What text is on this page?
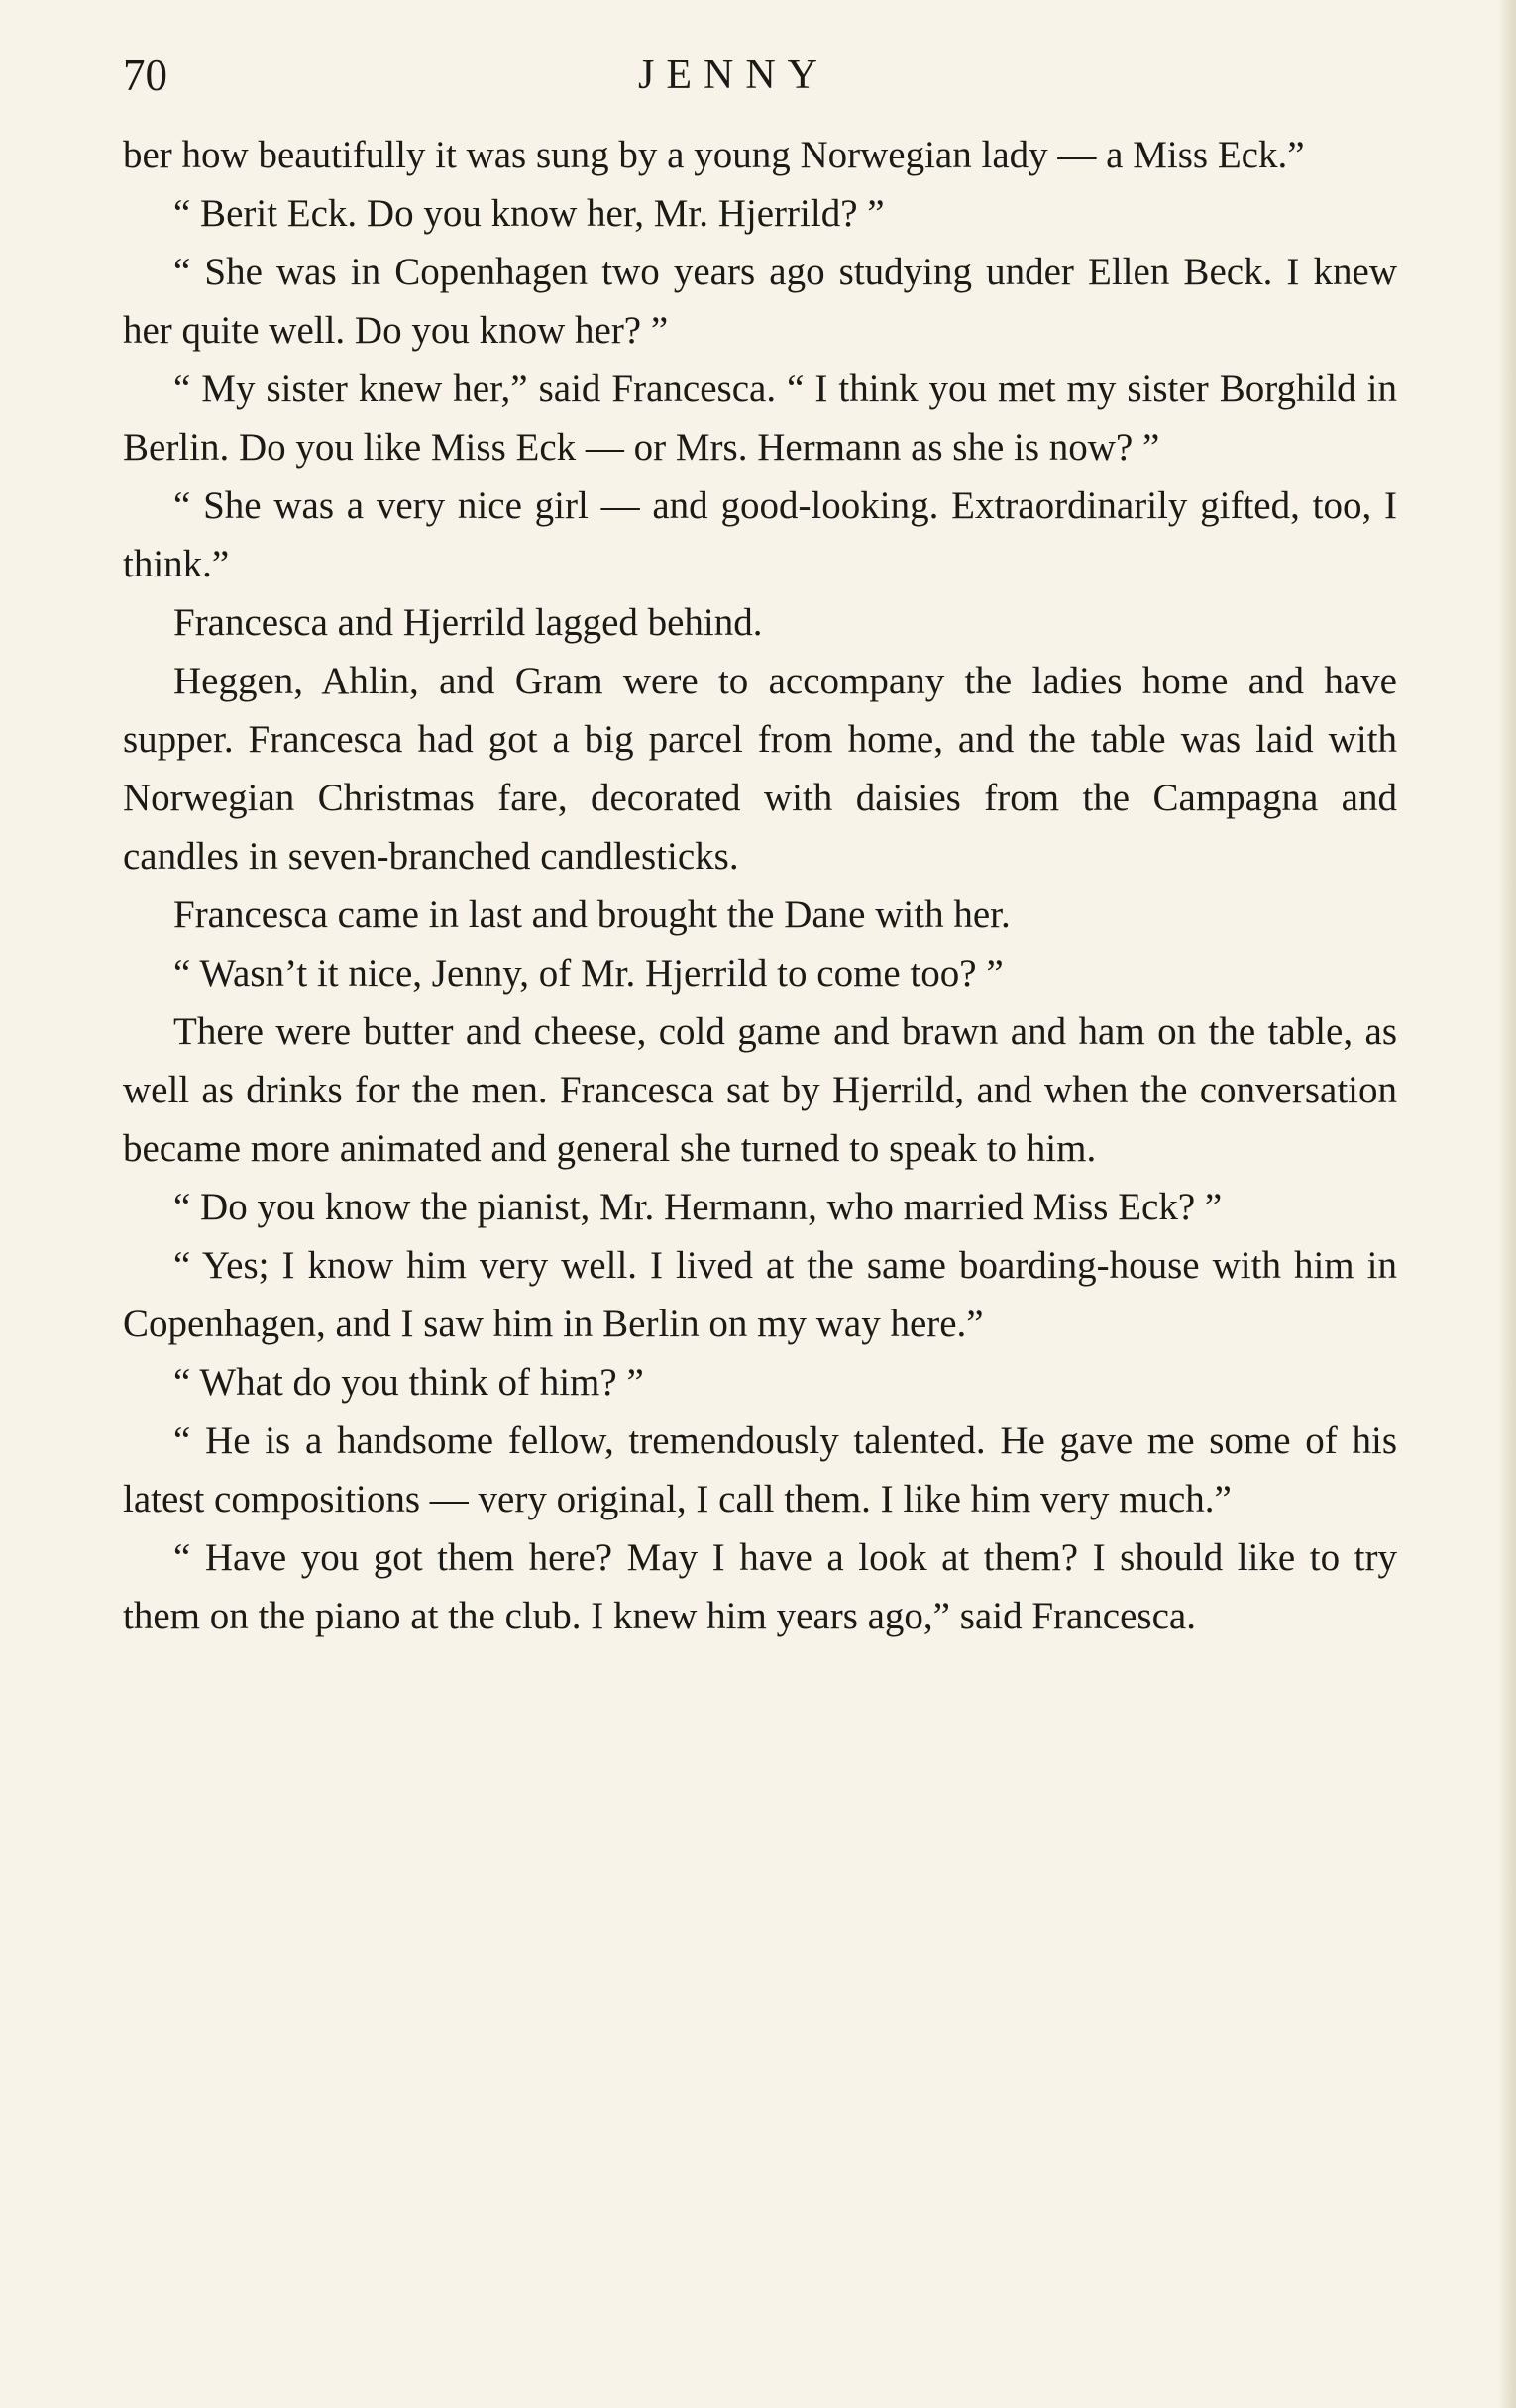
70	JENNY

ber how beautifully it was sung by a young Norwegian lady — a Miss Eck.”

“ Berit Eck. Do you know her, Mr. Hjerrild? ”

“ She was in Copenhagen two years ago studying under Ellen Beck. I knew her quite well. Do you know her? ”

“ My sister knew her,” said Francesca. “ I think you met my sister Borghild in Berlin. Do you like Miss Eck — or Mrs. Hermann as she is now? ”

“ She was a very nice girl — and good-looking. Extraordinarily gifted, too, I think.”

Francesca and Hjerrild lagged behind.

Heggen, Ahlin, and Gram were to accompany the ladies home and have supper. Francesca had got a big parcel from home, and the table was laid with Norwegian Christmas fare, decorated with daisies from the Campagna and candles in seven-branched candlesticks.

Francesca came in last and brought the Dane with her.

“ Wasn’t it nice, Jenny, of Mr. Hjerrild to come too? ”

There were butter and cheese, cold game and brawn and ham on the table, as well as drinks for the men. Francesca sat by Hjerrild, and when the conversation became more animated and general she turned to speak to him.

“ Do you know the pianist, Mr. Hermann, who married Miss Eck? ”

“ Yes; I know him very well. I lived at the same boarding-house with him in Copenhagen, and I saw him in Berlin on my way here.”

“ What do you think of him? ”

“ He is a handsome fellow, tremendously talented. He gave me some of his latest compositions — very original, I call them. I like him very much.”

“ Have you got them here? May I have a look at them? I should like to try them on the piano at the club. I knew him years ago,” said Francesca.
